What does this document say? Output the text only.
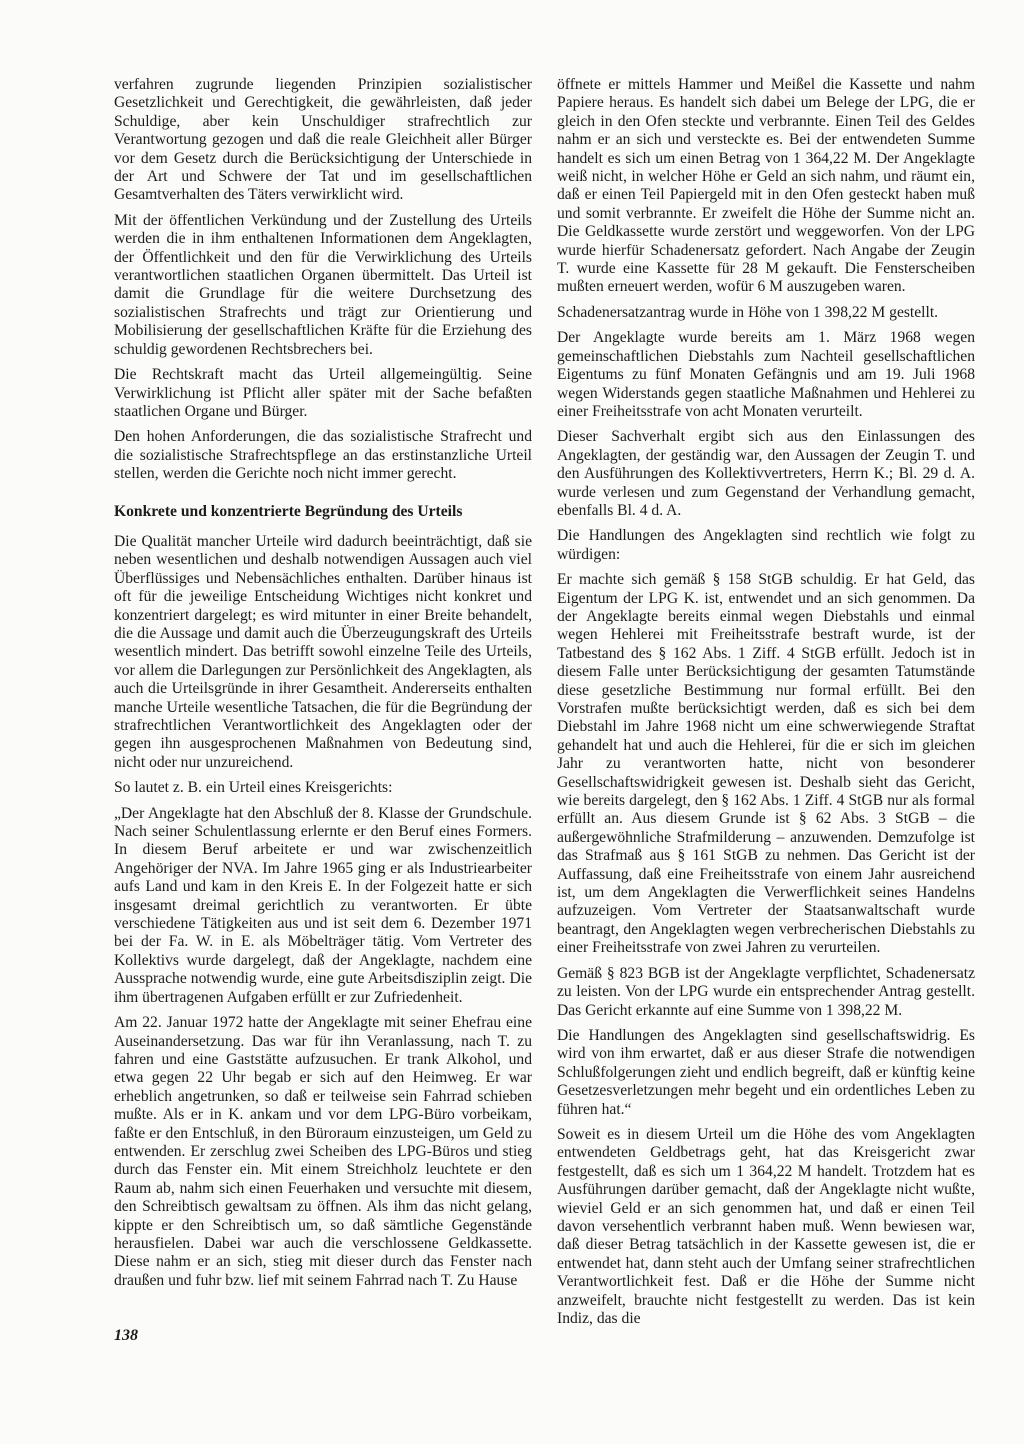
verfahren zugrunde liegenden Prinzipien sozialistischer Gesetzlichkeit und Gerechtigkeit, die gewährleisten, daß jeder Schuldige, aber kein Unschuldiger strafrechtlich zur Verantwortung gezogen und daß die reale Gleichheit aller Bürger vor dem Gesetz durch die Berücksichtigung der Unterschiede in der Art und Schwere der Tat und im gesellschaftlichen Gesamtverhalten des Täters verwirklicht wird.

Mit der öffentlichen Verkündung und der Zustellung des Urteils werden die in ihm enthaltenen Informationen dem Angeklagten, der Öffentlichkeit und den für die Verwirklichung des Urteils verantwortlichen staatlichen Organen übermittelt. Das Urteil ist damit die Grundlage für die weitere Durchsetzung des sozialistischen Strafrechts und trägt zur Orientierung und Mobilisierung der gesellschaftlichen Kräfte für die Erziehung des schuldig gewordenen Rechtsbrechers bei.

Die Rechtskraft macht das Urteil allgemeingültig. Seine Verwirklichung ist Pflicht aller später mit der Sache befaßten staatlichen Organe und Bürger.

Den hohen Anforderungen, die das sozialistische Strafrecht und die sozialistische Strafrechtspflege an das erstinstanzliche Urteil stellen, werden die Gerichte noch nicht immer gerecht.

Konkrete und konzentrierte Begründung des Urteils

Die Qualität mancher Urteile wird dadurch beeinträchtigt, daß sie neben wesentlichen und deshalb notwendigen Aussagen auch viel Überflüssiges und Nebensächliches enthalten. Darüber hinaus ist oft für die jeweilige Entscheidung Wichtiges nicht konkret und konzentriert dargelegt; es wird mitunter in einer Breite behandelt, die die Aussage und damit auch die Überzeugungskraft des Urteils wesentlich mindert. Das betrifft sowohl einzelne Teile des Urteils, vor allem die Darlegungen zur Persönlichkeit des Angeklagten, als auch die Urteilsgründe in ihrer Gesamtheit. Andererseits enthalten manche Urteile wesentliche Tatsachen, die für die Begründung der strafrechtlichen Verantwortlichkeit des Angeklagten oder der gegen ihn ausgesprochenen Maßnahmen von Bedeutung sind, nicht oder nur unzureichend.

So lautet z. B. ein Urteil eines Kreisgerichts:

„Der Angeklagte hat den Abschluß der 8. Klasse der Grundschule. Nach seiner Schulentlassung erlernte er den Beruf eines Formers. In diesem Beruf arbeitete er und war zwischenzeitlich Angehöriger der NVA. Im Jahre 1965 ging er als Industriearbeiter aufs Land und kam in den Kreis E. In der Folgezeit hatte er sich insgesamt dreimal gerichtlich zu verantworten. Er übte verschiedene Tätigkeiten aus und ist seit dem 6. Dezember 1971 bei der Fa. W. in E. als Möbelträger tätig. Vom Vertreter des Kollektivs wurde dargelegt, daß der Angeklagte, nachdem eine Aussprache notwendig wurde, eine gute Arbeitsdisziplin zeigt. Die ihm übertragenen Aufgaben erfüllt er zur Zufriedenheit.

Am 22. Januar 1972 hatte der Angeklagte mit seiner Ehefrau eine Auseinandersetzung. Das war für ihn Veranlassung, nach T. zu fahren und eine Gaststätte aufzusuchen. Er trank Alkohol, und etwa gegen 22 Uhr begab er sich auf den Heimweg. Er war erheblich angetrunken, so daß er teilweise sein Fahrrad schieben mußte. Als er in K. ankam und vor dem LPG-Büro vorbeikam, faßte er den Entschluß, in den Büroraum einzusteigen, um Geld zu entwenden. Er zerschlug zwei Scheiben des LPG-Büros und stieg durch das Fenster ein. Mit einem Streichholz leuchtete er den Raum ab, nahm sich einen Feuerhaken und versuchte mit diesem, den Schreibtisch gewaltsam zu öffnen. Als ihm das nicht gelang, kippte er den Schreibtisch um, so daß sämtliche Gegenstände herausfielen. Dabei war auch die verschlossene Geldkassette. Diese nahm er an sich, stieg mit dieser durch das Fenster nach draußen und fuhr bzw. lief mit seinem Fahrrad nach T. Zu Hause

öffnete er mittels Hammer und Meißel die Kassette und nahm Papiere heraus. Es handelt sich dabei um Belege der LPG, die er gleich in den Ofen steckte und verbrannte. Einen Teil des Geldes nahm er an sich und versteckte es. Bei der entwendeten Summe handelt es sich um einen Betrag von 1 364,22 M. Der Angeklagte weiß nicht, in welcher Höhe er Geld an sich nahm, und räumt ein, daß er einen Teil Papiergeld mit in den Ofen gesteckt haben muß und somit verbrannte. Er zweifelt die Höhe der Summe nicht an. Die Geldkassette wurde zerstört und weggeworfen. Von der LPG wurde hierfür Schadenersatz gefordert. Nach Angabe der Zeugin T. wurde eine Kassette für 28 M gekauft. Die Fensterscheiben mußten erneuert werden, wofür 6 M auszugeben waren.

Schadenersatzantrag wurde in Höhe von 1 398,22 M gestellt.

Der Angeklagte wurde bereits am 1. März 1968 wegen gemeinschaftlichen Diebstahls zum Nachteil gesellschaftlichen Eigentums zu fünf Monaten Gefängnis und am 19. Juli 1968 wegen Widerstands gegen staatliche Maßnahmen und Hehlerei zu einer Freiheitsstrafe von acht Monaten verurteilt.

Dieser Sachverhalt ergibt sich aus den Einlassungen des Angeklagten, der geständig war, den Aussagen der Zeugin T. und den Ausführungen des Kollektivvertreters, Herrn K.; Bl. 29 d. A. wurde verlesen und zum Gegenstand der Verhandlung gemacht, ebenfalls Bl. 4 d. A.

Die Handlungen des Angeklagten sind rechtlich wie folgt zu würdigen:

Er machte sich gemäß § 158 StGB schuldig. Er hat Geld, das Eigentum der LPG K. ist, entwendet und an sich genommen. Da der Angeklagte bereits einmal wegen Diebstahls und einmal wegen Hehlerei mit Freiheitsstrafe bestraft wurde, ist der Tatbestand des § 162 Abs. 1 Ziff. 4 StGB erfüllt. Jedoch ist in diesem Falle unter Berücksichtigung der gesamten Tatumstände diese gesetzliche Bestimmung nur formal erfüllt. Bei den Vorstrafen mußte berücksichtigt werden, daß es sich bei dem Diebstahl im Jahre 1968 nicht um eine schwerwiegende Straftat gehandelt hat und auch die Hehlerei, für die er sich im gleichen Jahr zu verantworten hatte, nicht von besonderer Gesellschaftswidrigkeit gewesen ist. Deshalb sieht das Gericht, wie bereits dargelegt, den § 162 Abs. 1 Ziff. 4 StGB nur als formal erfüllt an. Aus diesem Grunde ist § 62 Abs. 3 StGB – die außergewöhnliche Strafmilderung – anzuwenden. Demzufolge ist das Strafmaß aus § 161 StGB zu nehmen. Das Gericht ist der Auffassung, daß eine Freiheitsstrafe von einem Jahr ausreichend ist, um dem Angeklagten die Verwerflichkeit seines Handelns aufzuzeigen. Vom Vertreter der Staatsanwaltschaft wurde beantragt, den Angeklagten wegen verbrecherischen Diebstahls zu einer Freiheitsstrafe von zwei Jahren zu verurteilen.

Gemäß § 823 BGB ist der Angeklagte verpflichtet, Schadenersatz zu leisten. Von der LPG wurde ein entsprechender Antrag gestellt. Das Gericht erkannte auf eine Summe von 1 398,22 M.

Die Handlungen des Angeklagten sind gesellschaftswidrig. Es wird von ihm erwartet, daß er aus dieser Strafe die notwendigen Schlußfolgerungen zieht und endlich begreift, daß er künftig keine Gesetzesverletzungen mehr begeht und ein ordentliches Leben zu führen hat.“

Soweit es in diesem Urteil um die Höhe des vom Angeklagten entwendeten Geldbetrags geht, hat das Kreisgericht zwar festgestellt, daß es sich um 1 364,22 M handelt. Trotzdem hat es Ausführungen darüber gemacht, daß der Angeklagte nicht wußte, wieviel Geld er an sich genommen hat, und daß er einen Teil davon versehentlich verbrannt haben muß. Wenn bewiesen war, daß dieser Betrag tatsächlich in der Kassette gewesen ist, die er entwendet hat, dann steht auch der Umfang seiner strafrechtlichen Verantwortlichkeit fest. Daß er die Höhe der Summe nicht anzweifelt, brauchte nicht festgestellt zu werden. Das ist kein Indiz, das die

138
